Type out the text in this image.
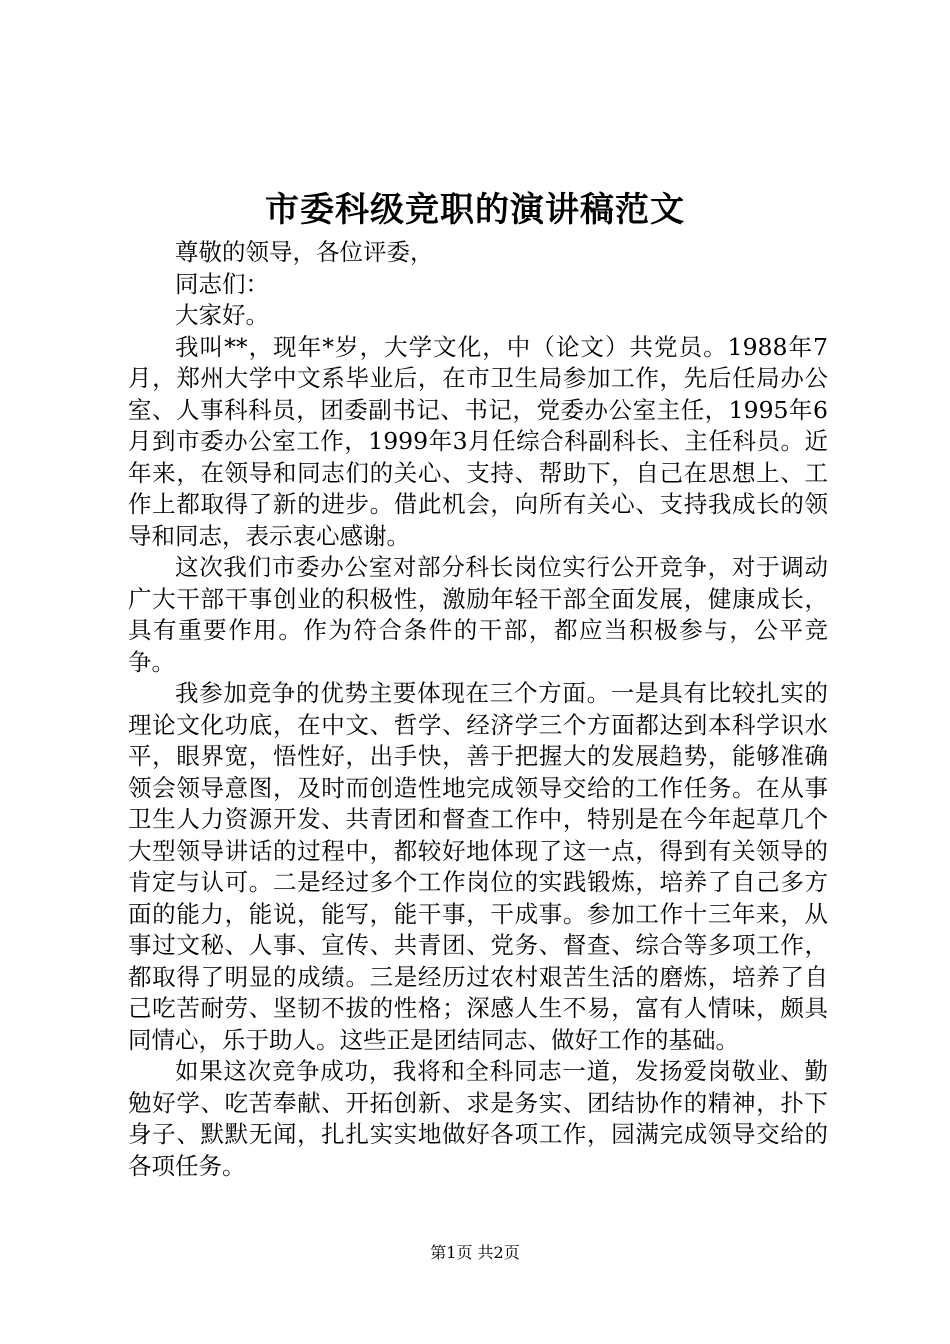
市委科级竞职的演讲稿范文

尊敬的领导，各位评委，

同志们：

大家好。

我叫**，现年*岁，大学文化，中（论文）共党员。1988年7月，郑州大学中文系毕业后，在市卫生局参加工作，先后任局办公室、人事科科员，团委副书记、书记，党委办公室主任，1995年6月到市委办公室工作，1999年3月任综合科副科长、主任科员。近年来，在领导和同志们的关心、支持、帮助下，自己在思想上、工作上都取得了新的进步。借此机会，向所有关心、支持我成长的领导和同志，表示衷心感谢。

这次我们市委办公室对部分科长岗位实行公开竞争，对于调动广大干部干事创业的积极性，激励年轻干部全面发展，健康成长，具有重要作用。作为符合条件的干部，都应当积极参与，公平竞争。

我参加竞争的优势主要体现在三个方面。一是具有比较扎实的理论文化功底，在中文、哲学、经济学三个方面都达到本科学识水平，眼界宽，悟性好，出手快，善于把握大的发展趋势，能够准确领会领导意图，及时而创造性地完成领导交给的工作任务。在从事卫生人力资源开发、共青团和督查工作中，特别是在今年起草几个大型领导讲话的过程中，都较好地体现了这一点，得到有关领导的肯定与认可。二是经过多个工作岗位的实践锻炼，培养了自己多方面的能力，能说，能写，能干事，干成事。参加工作十三年来，从事过文秘、人事、宣传、共青团、党务、督查、综合等多项工作，都取得了明显的成绩。三是经历过农村艰苦生活的磨炼，培养了自己吃苦耐劳、坚韧不拔的性格；深感人生不易，富有人情味，颇具同情心，乐于助人。这些正是团结同志、做好工作的基础。

如果这次竞争成功，我将和全科同志一道，发扬爱岗敬业、勤勉好学、吃苦奉献、开拓创新、求是务实、团结协作的精神，扑下身子、默默无闻，扎扎实实地做好各项工作，园满完成领导交给的各项任务。

第1页 共2页
